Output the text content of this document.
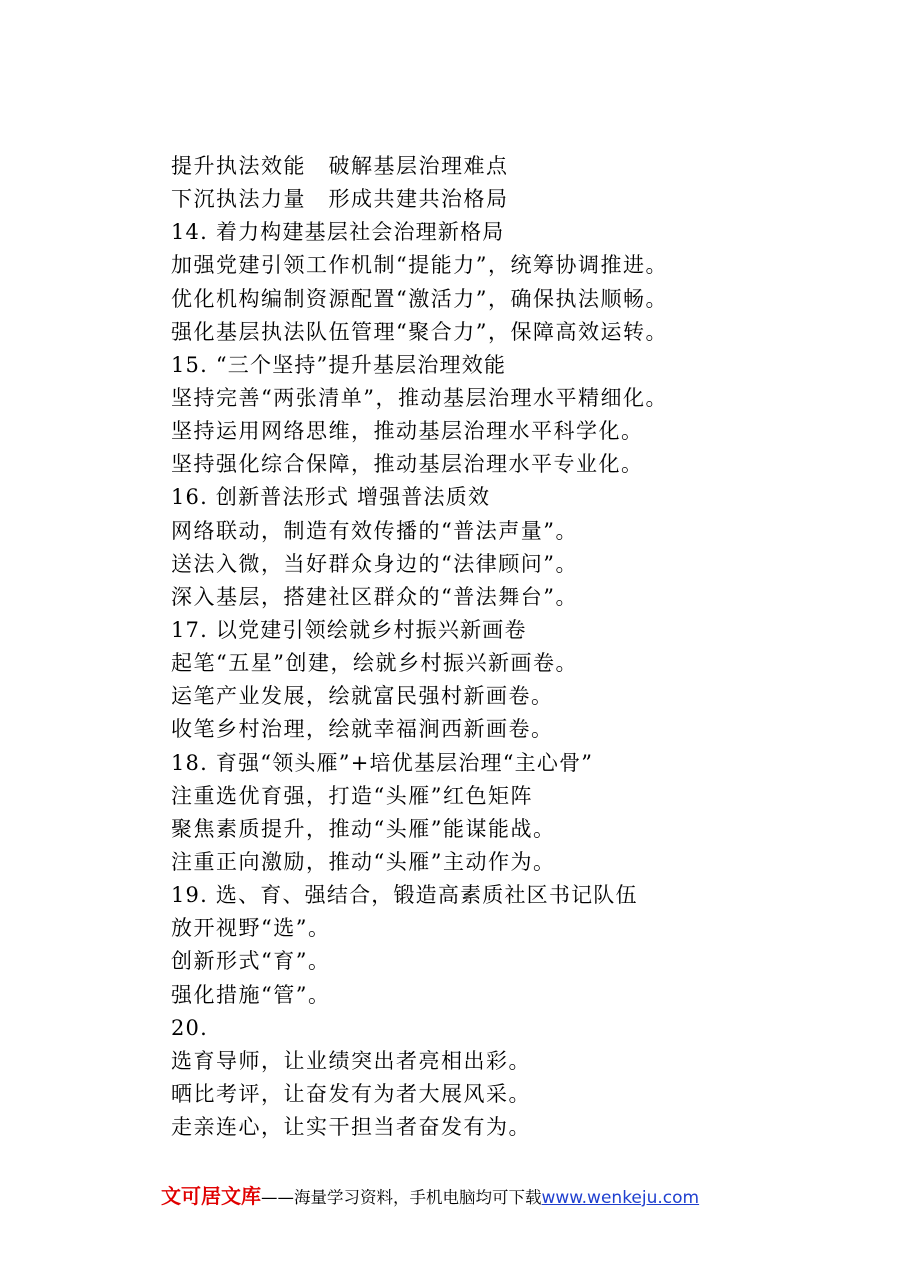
提升执法效能　破解基层治理难点
下沉执法力量　形成共建共治格局
14. 着力构建基层社会治理新格局
加强党建引领工作机制“提能力”，统筹协调推进。
优化机构编制资源配置“激活力”，确保执法顺畅。
强化基层执法队伍管理“聚合力”，保障高效运转。
15. “三个坚持”提升基层治理效能
坚持完善“两张清单”，推动基层治理水平精细化。
坚持运用网络思维，推动基层治理水平科学化。
坚持强化综合保障，推动基层治理水平专业化。
16. 创新普法形式 增强普法质效
网络联动，制造有效传播的“普法声量”。
送法入微，当好群众身边的“法律顾问”。
深入基层，搭建社区群众的“普法舞台”。
17. 以党建引领绘就乡村振兴新画卷
起笔“五星”创建，绘就乡村振兴新画卷。
运笔产业发展，绘就富民强村新画卷。
收笔乡村治理，绘就幸福涧西新画卷。
18. 育强“领头雁”+培优基层治理“主心骨”
注重选优育强，打造“头雁”红色矩阵
聚焦素质提升，推动“头雁”能谋能战。
注重正向激励，推动“头雁”主动作为。
19. 选、育、强结合，锻造高素质社区书记队伍
放开视野“选”。
创新形式“育”。
强化措施“管”。
20.
选育导师，让业绩突出者亮相出彩。
晒比考评，让奋发有为者大展风采。
走亲连心，让实干担当者奋发有为。
文可居文库——海量学习资料，手机电脑均可下载www.wenkeju.com
